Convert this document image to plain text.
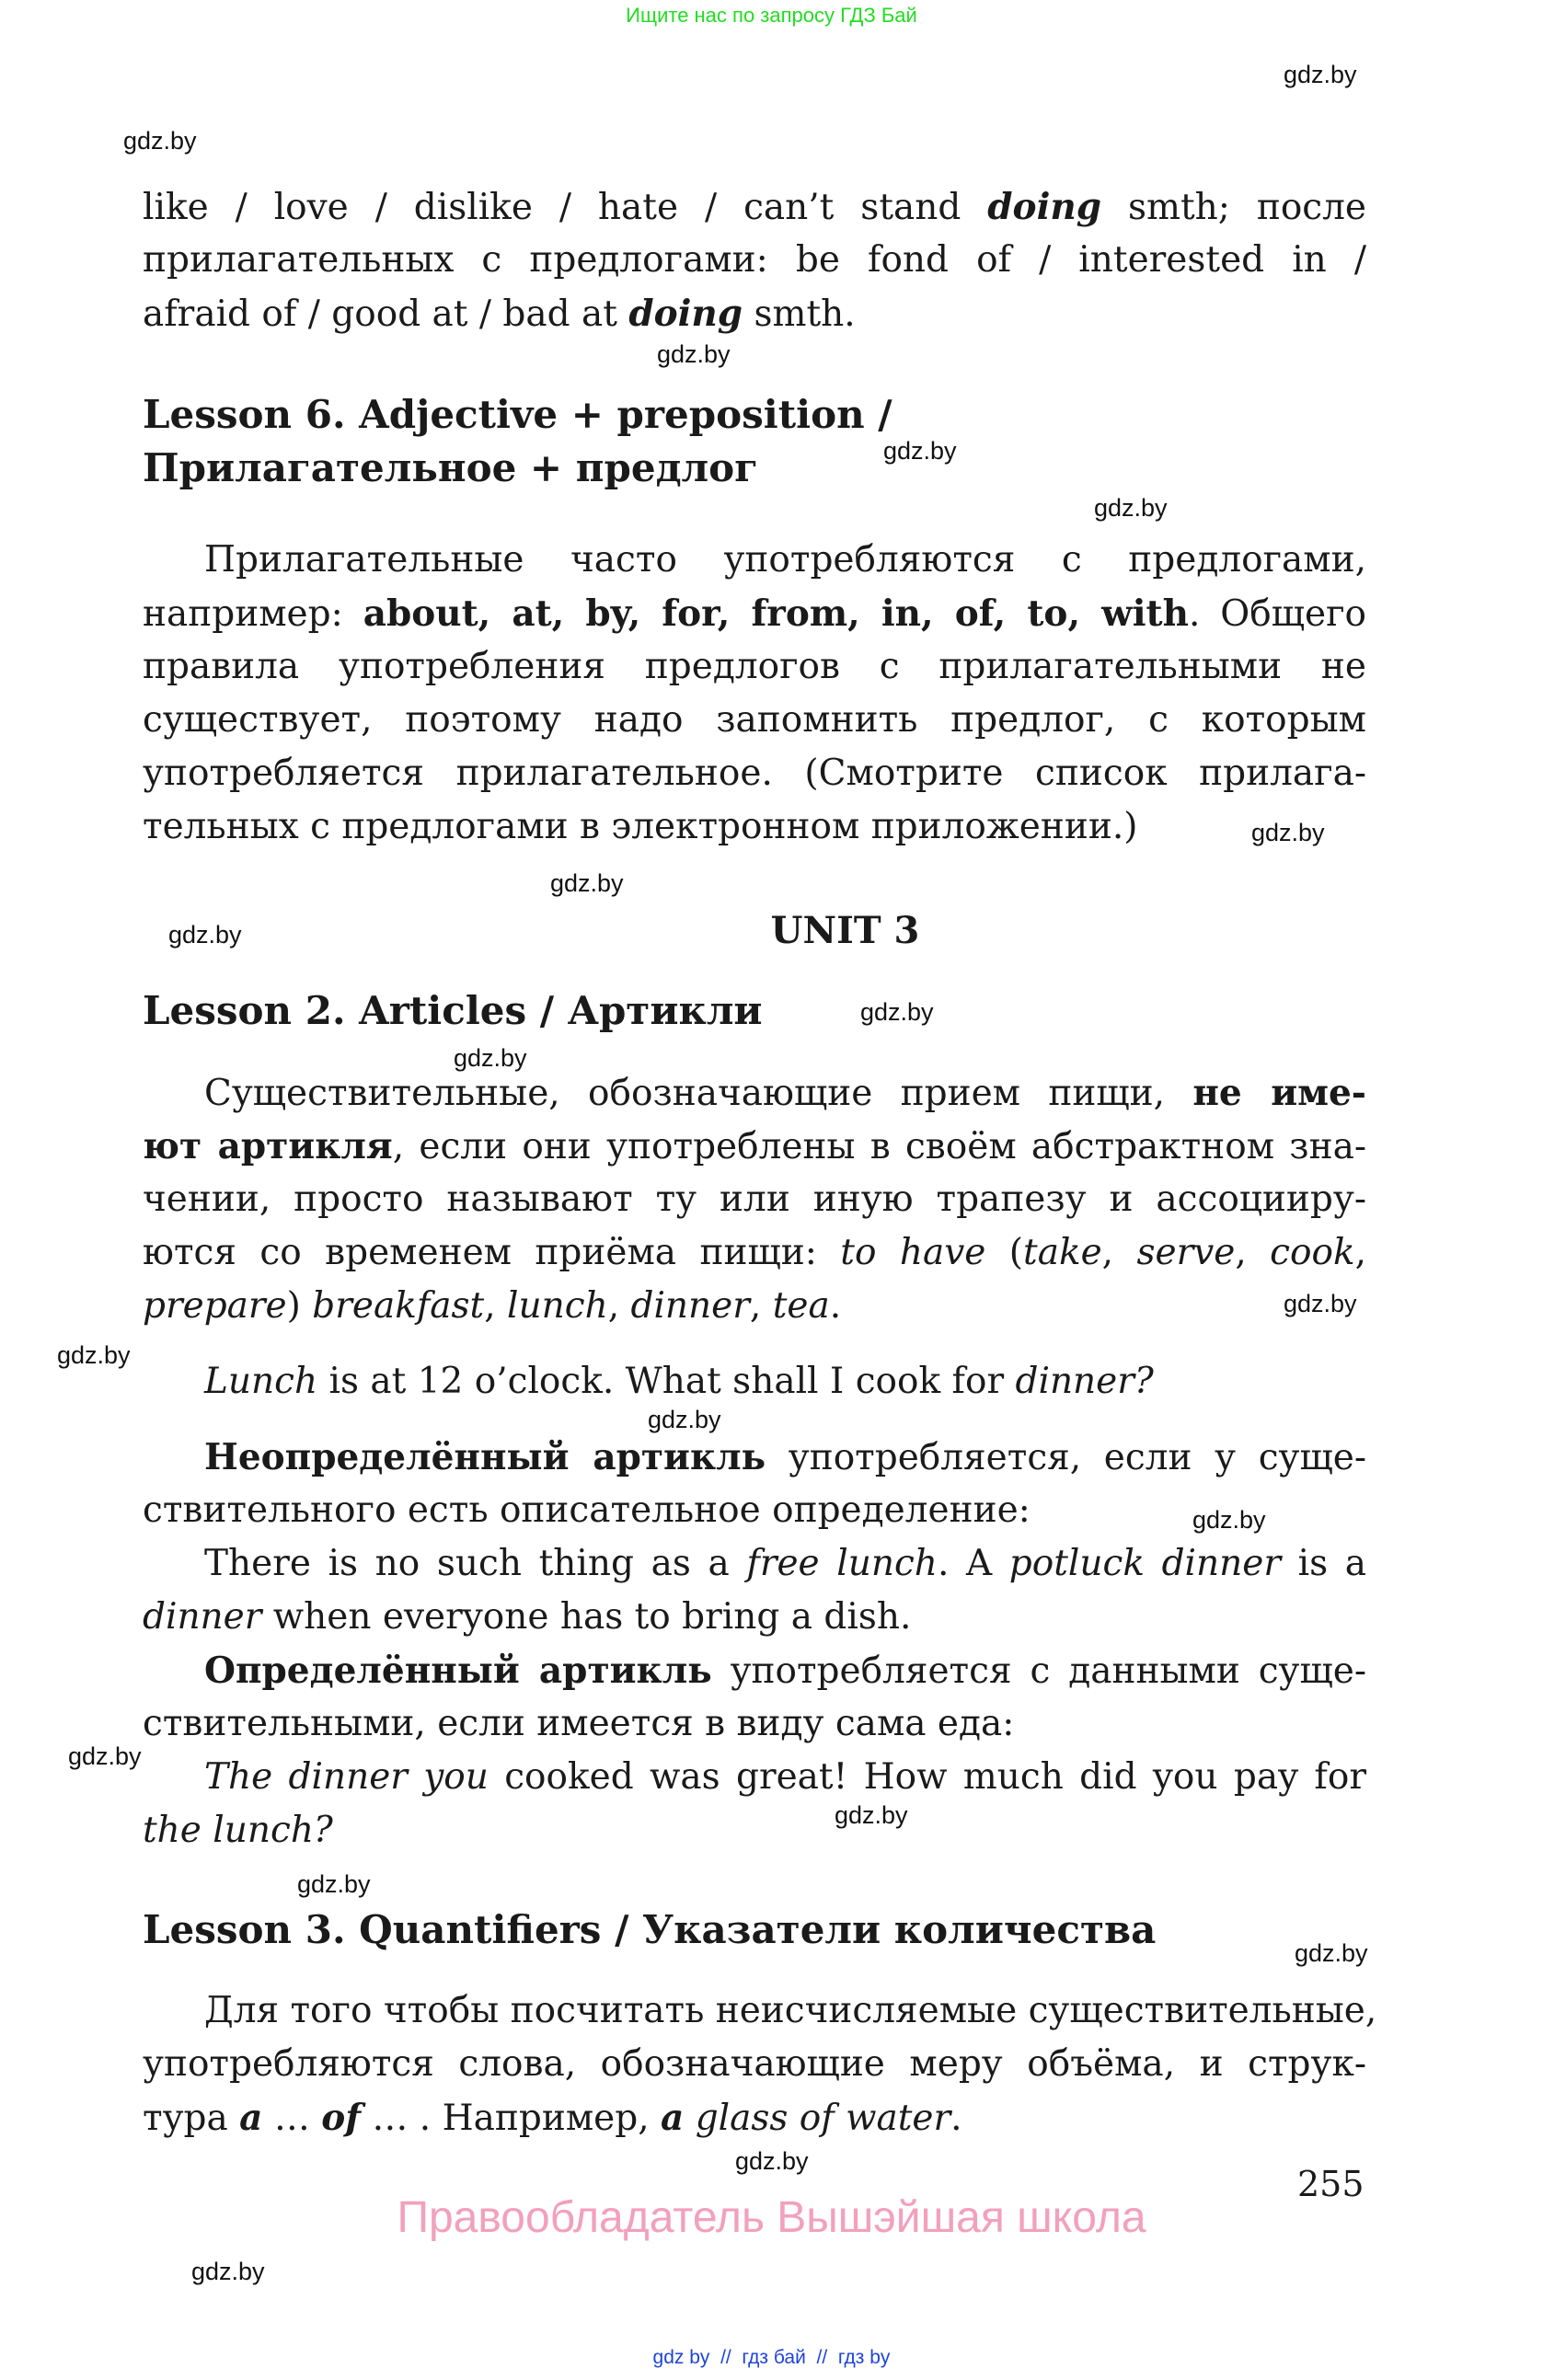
Ищите нас по запросу ГДЗ Бай
gdz.by
gdz.by
gdz.by
gdz.by
gdz.by
gdz.by
gdz.by
gdz.by
gdz.by
gdz.by
gdz.by
gdz.by
gdz.by
gdz.by
gdz.by
gdz.by
gdz.by
gdz.by
gdz.by
gdz.by
like / love / dislike / hate / can’t stand doing smth; после
прилагательных с предлогами: be fond of / interested in /
afraid of / good at / bad at doing smth.
Lesson 6. Adjective + preposition /
Прилагательное + предлог
Прилагательные часто употребляются с предлогами,
например: about, at, by, for, from, in, of, to, with. Общего
правила употребления предлогов с прилагательными не
существует, поэтому надо запомнить предлог, с которым
употребляется прилагательное. (Смотрите список прилага-
тельных с предлогами в электронном приложении.)
UNIT 3
Lesson 2. Articles / Артикли
Существительные, обозначающие прием пищи, не име-
ют артикля, если они употреблены в своём абстрактном зна-
чении, просто называют ту или иную трапезу и ассоцииру-
ются со временем приёма пищи: to have (take, serve, cook,
prepare) breakfast, lunch, dinner, tea.
Lunch is at 12 o’clock. What shall I cook for dinner?
Неопределённый артикль употребляется, если у суще-
ствительного есть описательное определение:
There is no such thing as a free lunch. A potluck dinner is a
dinner when everyone has to bring a dish.
Определённый артикль употребляется с данными суще-
ствительными, если имеется в виду сама еда:
The dinner you cooked was great! How much did you pay for
the lunch?
Lesson 3. Quantifiers / Указатели количества
Для того чтобы посчитать неисчисляемые существительные,
употребляются слова, обозначающие меру объёма, и струк-
тура a … of … . Например, a glass of water.
255
Правообладатель Вышэйшая школа
gdz by  //  гдз бай  //  гдз by
